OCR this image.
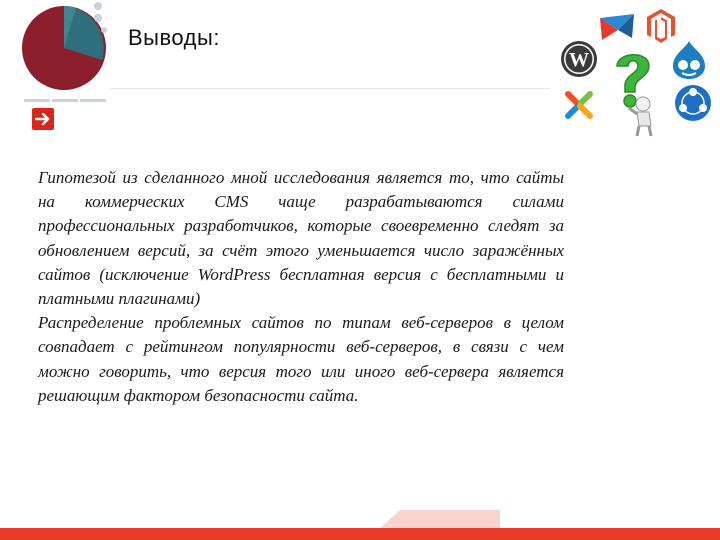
Выводы:
W

Гипотезой из сделанного мной исследования является то, что сайты на коммерческих CMS чаще разрабатываются силами профессиональных разработчиков, которые своевременно следят за обновлением версий, за счёт этого уменьшается число заражённых сайтов (исключение WordPress бесплатная версия с бесплатными и платными плагинами)

Распределение проблемных сайтов по типам веб-серверов в целом совпадает с рейтингом популярности веб-серверов, в связи с чем можно говорить, что версия того или иного веб-сервера является решающим фактором безопасности сайта.
